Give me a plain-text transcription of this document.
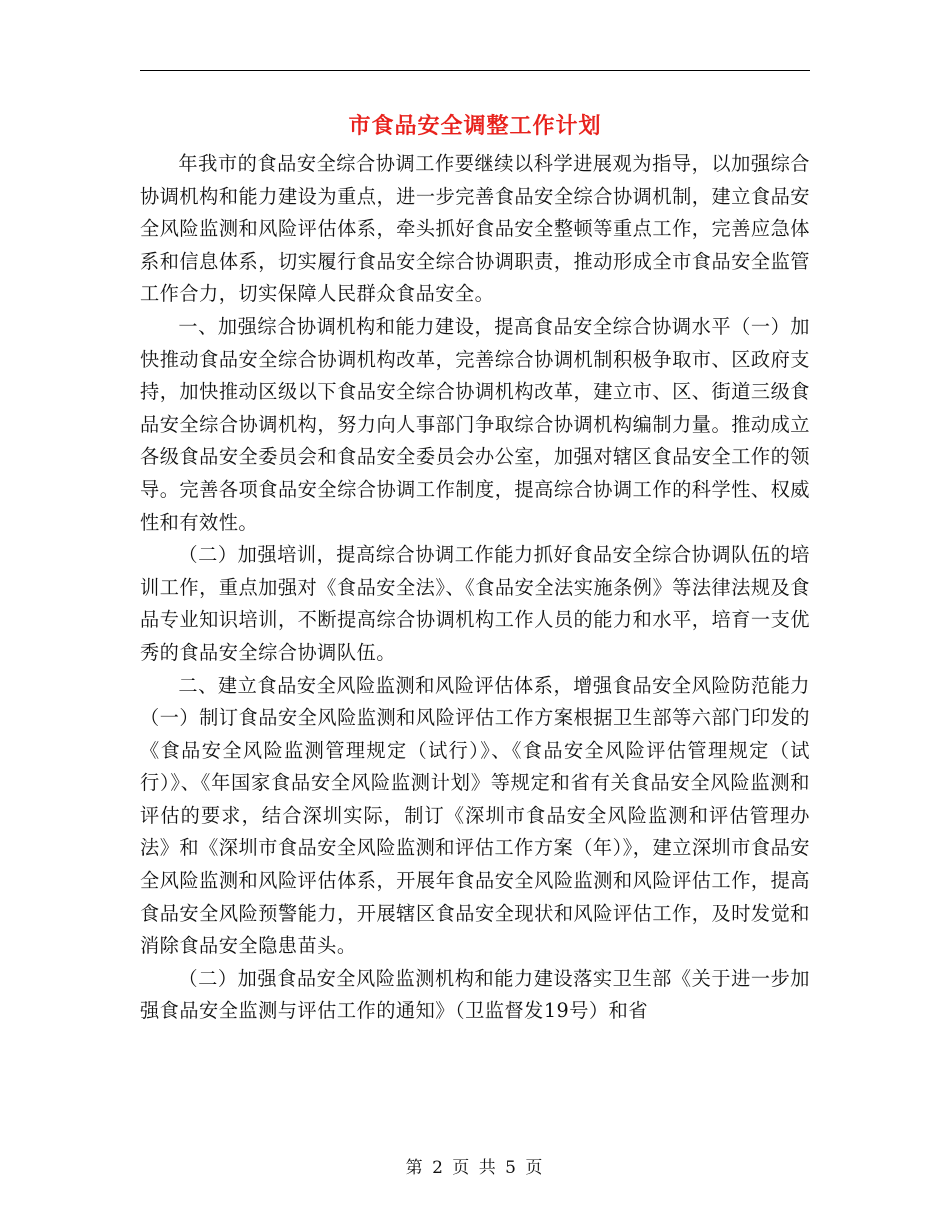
市食品安全调整工作计划

年我市的食品安全综合协调工作要继续以科学进展观为指导，以加强综合协调机构和能力建设为重点，进一步完善食品安全综合协调机制，建立食品安全风险监测和风险评估体系，牵头抓好食品安全整顿等重点工作，完善应急体系和信息体系，切实履行食品安全综合协调职责，推动形成全市食品安全监管工作合力，切实保障人民群众食品安全。

一、加强综合协调机构和能力建设，提高食品安全综合协调水平（一）加快推动食品安全综合协调机构改革，完善综合协调机制积极争取市、区政府支持，加快推动区级以下食品安全综合协调机构改革，建立市、区、街道三级食品安全综合协调机构，努力向人事部门争取综合协调机构编制力量。推动成立各级食品安全委员会和食品安全委员会办公室，加强对辖区食品安全工作的领导。完善各项食品安全综合协调工作制度，提高综合协调工作的科学性、权威性和有效性。

（二）加强培训，提高综合协调工作能力抓好食品安全综合协调队伍的培训工作，重点加强对《食品安全法》、《食品安全法实施条例》等法律法规及食品专业知识培训，不断提高综合协调机构工作人员的能力和水平，培育一支优秀的食品安全综合协调队伍。

二、建立食品安全风险监测和风险评估体系，增强食品安全风险防范能力（一）制订食品安全风险监测和风险评估工作方案根据卫生部等六部门印发的《食品安全风险监测管理规定（试行）》、《食品安全风险评估管理规定（试行）》、《年国家食品安全风险监测计划》等规定和省有关食品安全风险监测和评估的要求，结合深圳实际，制订《深圳市食品安全风险监测和评估管理办法》和《深圳市食品安全风险监测和评估工作方案（年）》，建立深圳市食品安全风险监测和风险评估体系，开展年食品安全风险监测和风险评估工作，提高食品安全风险预警能力，开展辖区食品安全现状和风险评估工作，及时发觉和消除食品安全隐患苗头。

（二）加强食品安全风险监测机构和能力建设落实卫生部《关于进一步加强食品安全监测与评估工作的通知》（卫监督发19号）和省

第 2 页 共 5 页
